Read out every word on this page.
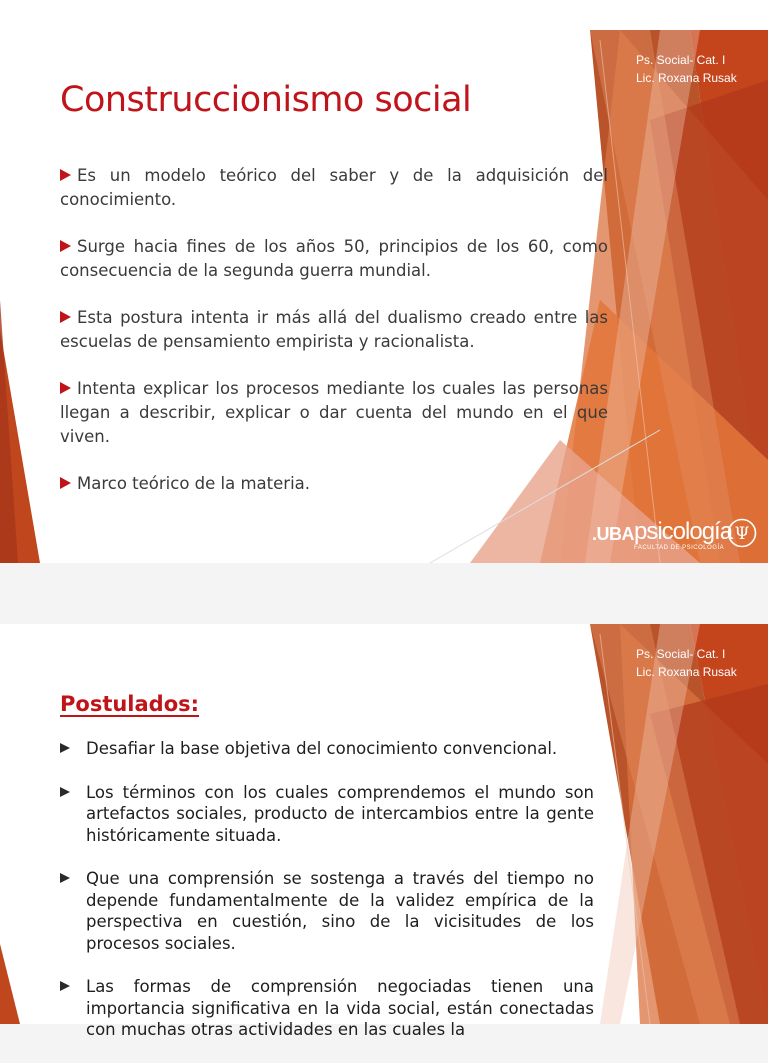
Ps. Social- Cat. I
Lic. Roxana Rusak
Construccionismo social

Es un modelo teórico del saber y de la adquisición del conocimiento.

Surge hacia fines de los años 50, principios de los 60, como consecuencia de la segunda guerra mundial.

Esta postura intenta ir más allá del dualismo creado entre las escuelas de pensamiento empirista y racionalista.

Intenta explicar los procesos mediante los cuales las personas llegan a describir, explicar o dar cuenta del mundo en el que viven.

Marco teórico de la materia.

.UBA psicología
FACULTAD DE PSICOLOGÍA
Ψ
Ps. Social- Cat. I
Lic. Roxana Rusak
Postulados:
Desafiar la base objetiva del conocimiento convencional.
Los términos con los cuales comprendemos el mundo son artefactos sociales, producto de intercambios entre la gente históricamente situada.
Que una comprensión se sostenga a través del tiempo no depende fundamentalmente de la validez empírica de la perspectiva en cuestión, sino de la vicisitudes de los procesos sociales.
Las formas de comprensión negociadas tienen una importancia significativa en la vida social, están conectadas con muchas otras actividades en las cuales la
